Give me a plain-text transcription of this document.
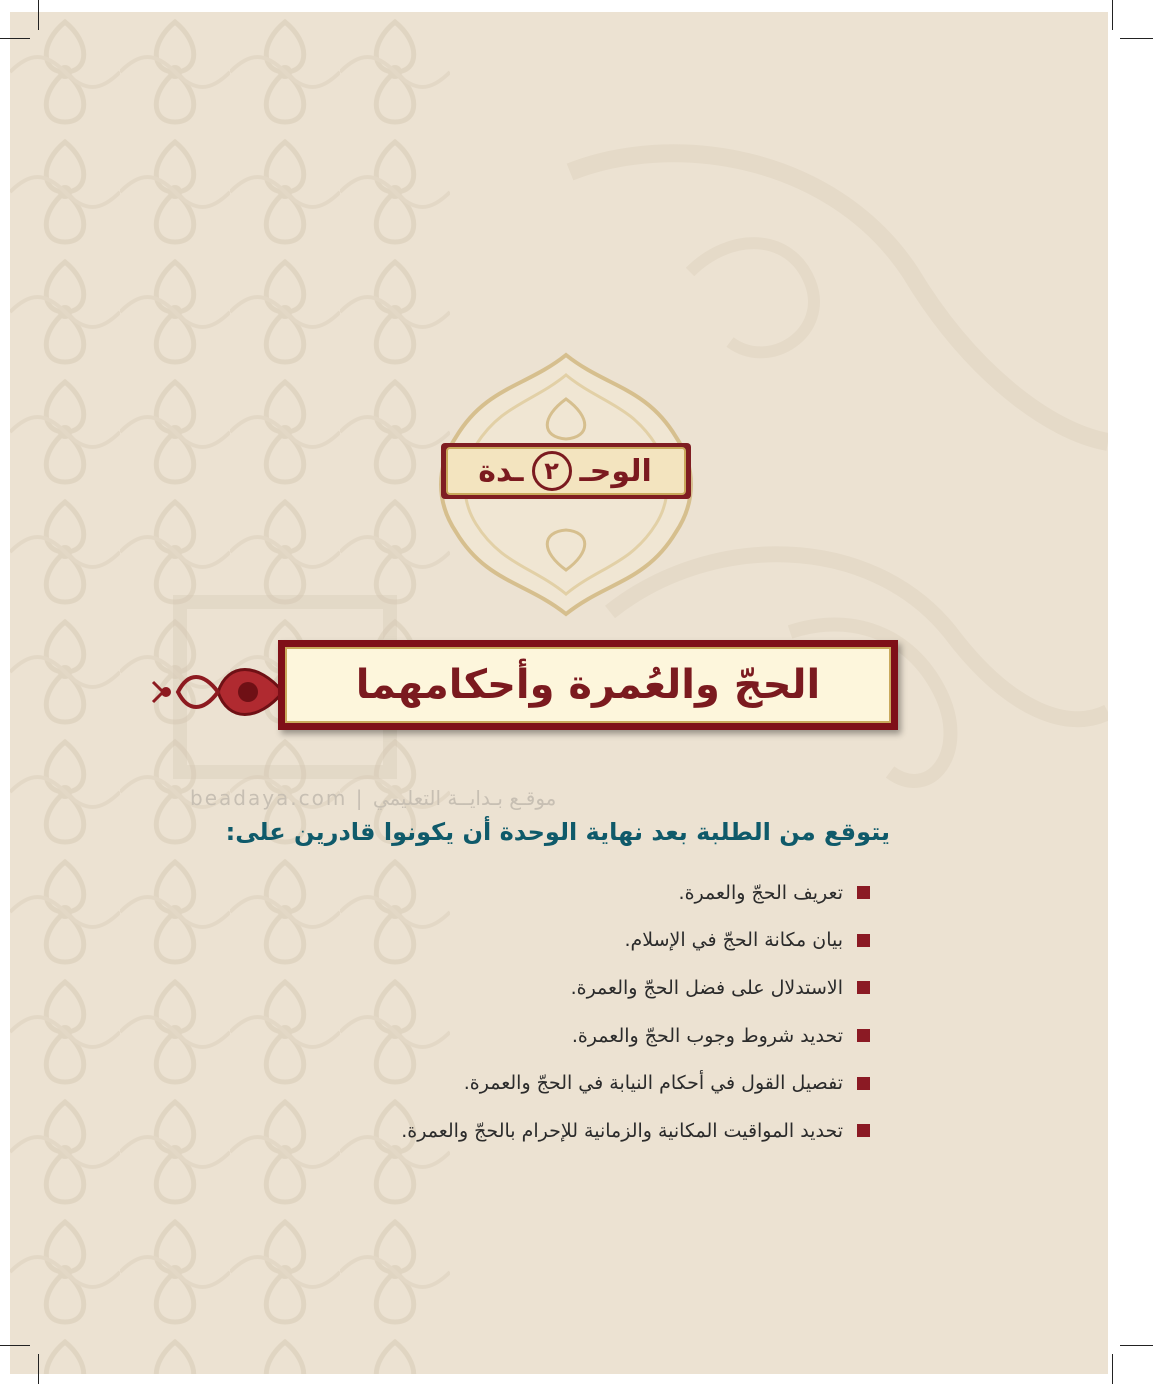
الوحـ
٢
ـدة
الحجّ والعُمرة وأحكامهما
beadaya.com | موقـع بـدايــة التعليمي
يتوقع من الطلبة بعد نهاية الوحدة أن يكونوا قادرين على:
تعريف الحجّ والعمرة.
بيان مكانة الحجّ في الإسلام.
الاستدلال على فضل الحجّ والعمرة.
تحديد شروط وجوب الحجّ والعمرة.
تفصيل القول في أحكام النيابة في الحجّ والعمرة.
تحديد المواقيت المكانية والزمانية للإحرام بالحجّ والعمرة.
